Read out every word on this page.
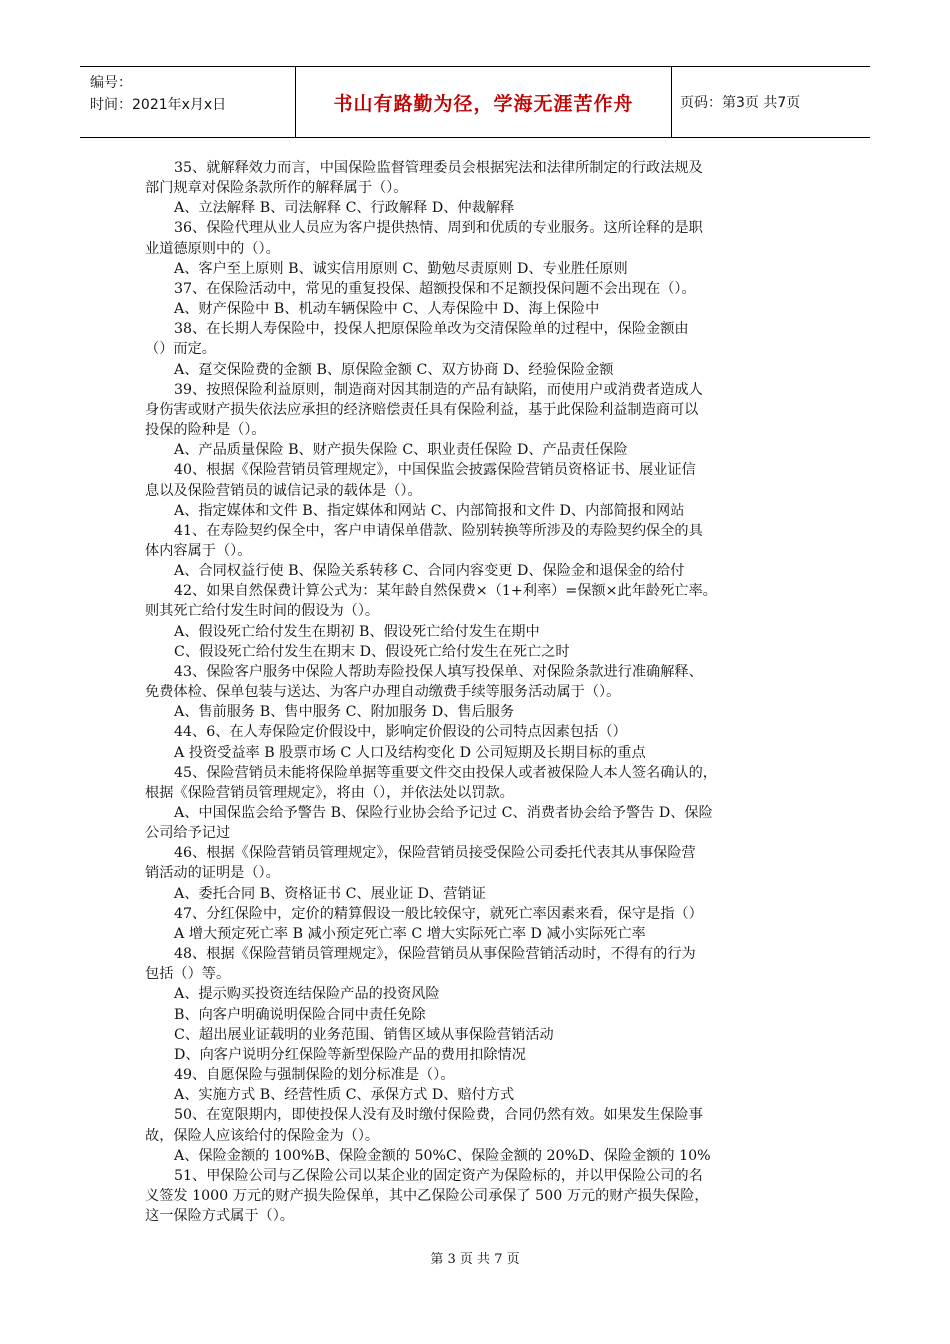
编号：
时间：2021年x月x日	书山有路勤为径，学海无涯苦作舟	页码：第3页 共7页

35、就解释效力而言，中国保险监督管理委员会根据宪法和法律所制定的行政法规及

部门规章对保险条款所作的解释属于（）。

A、立法解释 B、司法解释 C、行政解释 D、仲裁解释

36、保险代理从业人员应为客户提供热情、周到和优质的专业服务。这所诠释的是职

业道德原则中的（）。

A、客户至上原则 B、诚实信用原则 C、勤勉尽责原则 D、专业胜任原则

37、在保险活动中，常见的重复投保、超额投保和不足额投保问题不会出现在（）。

A、财产保险中 B、机动车辆保险中 C、人寿保险中 D、海上保险中

38、在长期人寿保险中，投保人把原保险单改为交清保险单的过程中，保险金额由

（）而定。

A、趸交保险费的金额 B、原保险金额 C、双方协商 D、经验保险金额

39、按照保险利益原则，制造商对因其制造的产品有缺陷，而使用户或消费者造成人

身伤害或财产损失依法应承担的经济赔偿责任具有保险利益，基于此保险利益制造商可以

投保的险种是（）。

A、产品质量保险 B、财产损失保险 C、职业责任保险 D、产品责任保险

40、根据《保险营销员管理规定》，中国保监会披露保险营销员资格证书、展业证信

息以及保险营销员的诚信记录的载体是（）。

A、指定媒体和文件 B、指定媒体和网站 C、内部简报和文件 D、内部简报和网站

41、在寿险契约保全中，客户申请保单借款、险别转换等所涉及的寿险契约保全的具

体内容属于（）。

A、合同权益行使 B、保险关系转移 C、合同内容变更 D、保险金和退保金的给付

42、如果自然保费计算公式为：某年龄自然保费×（1+利率）=保额×此年龄死亡率。

则其死亡给付发生时间的假设为（）。

A、假设死亡给付发生在期初 B、假设死亡给付发生在期中

C、假设死亡给付发生在期末 D、假设死亡给付发生在死亡之时

43、保险客户服务中保险人帮助寿险投保人填写投保单、对保险条款进行准确解释、

免费体检、保单包装与送达、为客户办理自动缴费手续等服务活动属于（）。

A、售前服务 B、售中服务 C、附加服务 D、售后服务

44、6、在人寿保险定价假设中，影响定价假设的公司特点因素包括（）

A 投资受益率 B 股票市场 C 人口及结构变化 D 公司短期及长期目标的重点

45、保险营销员未能将保险单据等重要文件交由投保人或者被保险人本人签名确认的，

根据《保险营销员管理规定》，将由（），并依法处以罚款。

A、中国保监会给予警告 B、保险行业协会给予记过 C、消费者协会给予警告 D、保险

公司给予记过

46、根据《保险营销员管理规定》，保险营销员接受保险公司委托代表其从事保险营

销活动的证明是（）。

A、委托合同 B、资格证书 C、展业证 D、营销证

47、分红保险中，定价的精算假设一般比较保守，就死亡率因素来看，保守是指（）

A 增大预定死亡率 B 减小预定死亡率 C 增大实际死亡率 D 减小实际死亡率

48、根据《保险营销员管理规定》，保险营销员从事保险营销活动时，不得有的行为

包括（）等。

A、提示购买投资连结保险产品的投资风险

B、向客户明确说明保险合同中责任免除

C、超出展业证载明的业务范围、销售区域从事保险营销活动

D、向客户说明分红保险等新型保险产品的费用扣除情况

49、自愿保险与强制保险的划分标准是（）。

A、实施方式 B、经营性质 C、承保方式 D、赔付方式

50、在宽限期内，即使投保人没有及时缴付保险费，合同仍然有效。如果发生保险事

故，保险人应该给付的保险金为（）。

A、保险金额的 100%B、保险金额的 50%C、保险金额的 20%D、保险金额的 10%

51、甲保险公司与乙保险公司以某企业的固定资产为保险标的，并以甲保险公司的名

义签发 1000 万元的财产损失险保单，其中乙保险公司承保了 500 万元的财产损失保险，

这一保险方式属于（）。

第 3 页 共 7 页
